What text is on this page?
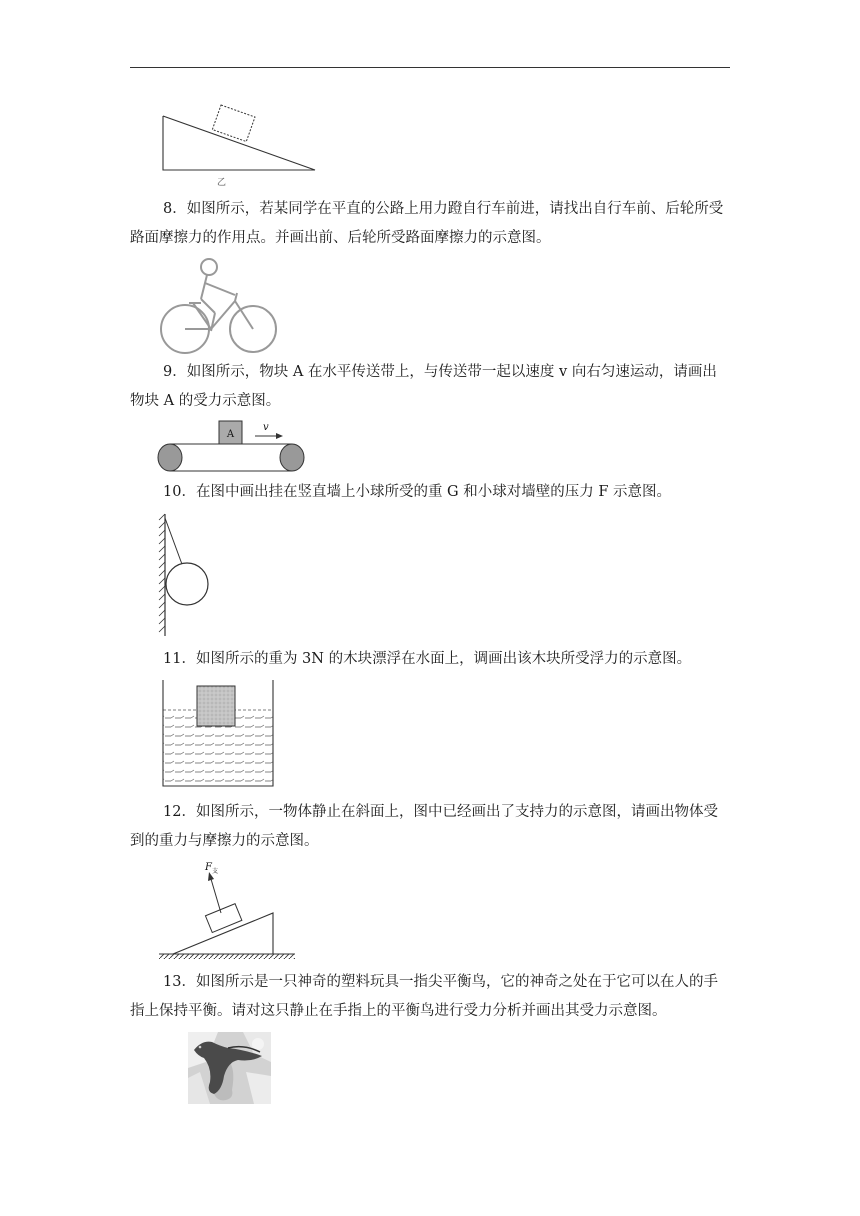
乙

8．如图所示，若某同学在平直的公路上用力蹬自行车前进，请找出自行车前、后轮所受路面摩擦力的作用点。并画出前、后轮所受路面摩擦力的示意图。

9．如图所示，物块 A 在水平传送带上，与传送带一起以速度 v 向右匀速运动，请画出物块 A 的受力示意图。

A
v

10．在图中画出挂在竖直墙上小球所受的重 G 和小球对墙壁的压力 F 示意图。

11．如图所示的重为 3N 的木块漂浮在水面上，调画出该木块所受浮力的示意图。

12．如图所示，一物体静止在斜面上，图中已经画出了支持力的示意图，请画出物体受到的重力与摩擦力的示意图。

F 支

13．如图所示是一只神奇的塑料玩具一指尖平衡鸟，它的神奇之处在于它可以在人的手指上保持平衡。请对这只静止在手指上的平衡鸟进行受力分析并画出其受力示意图。
